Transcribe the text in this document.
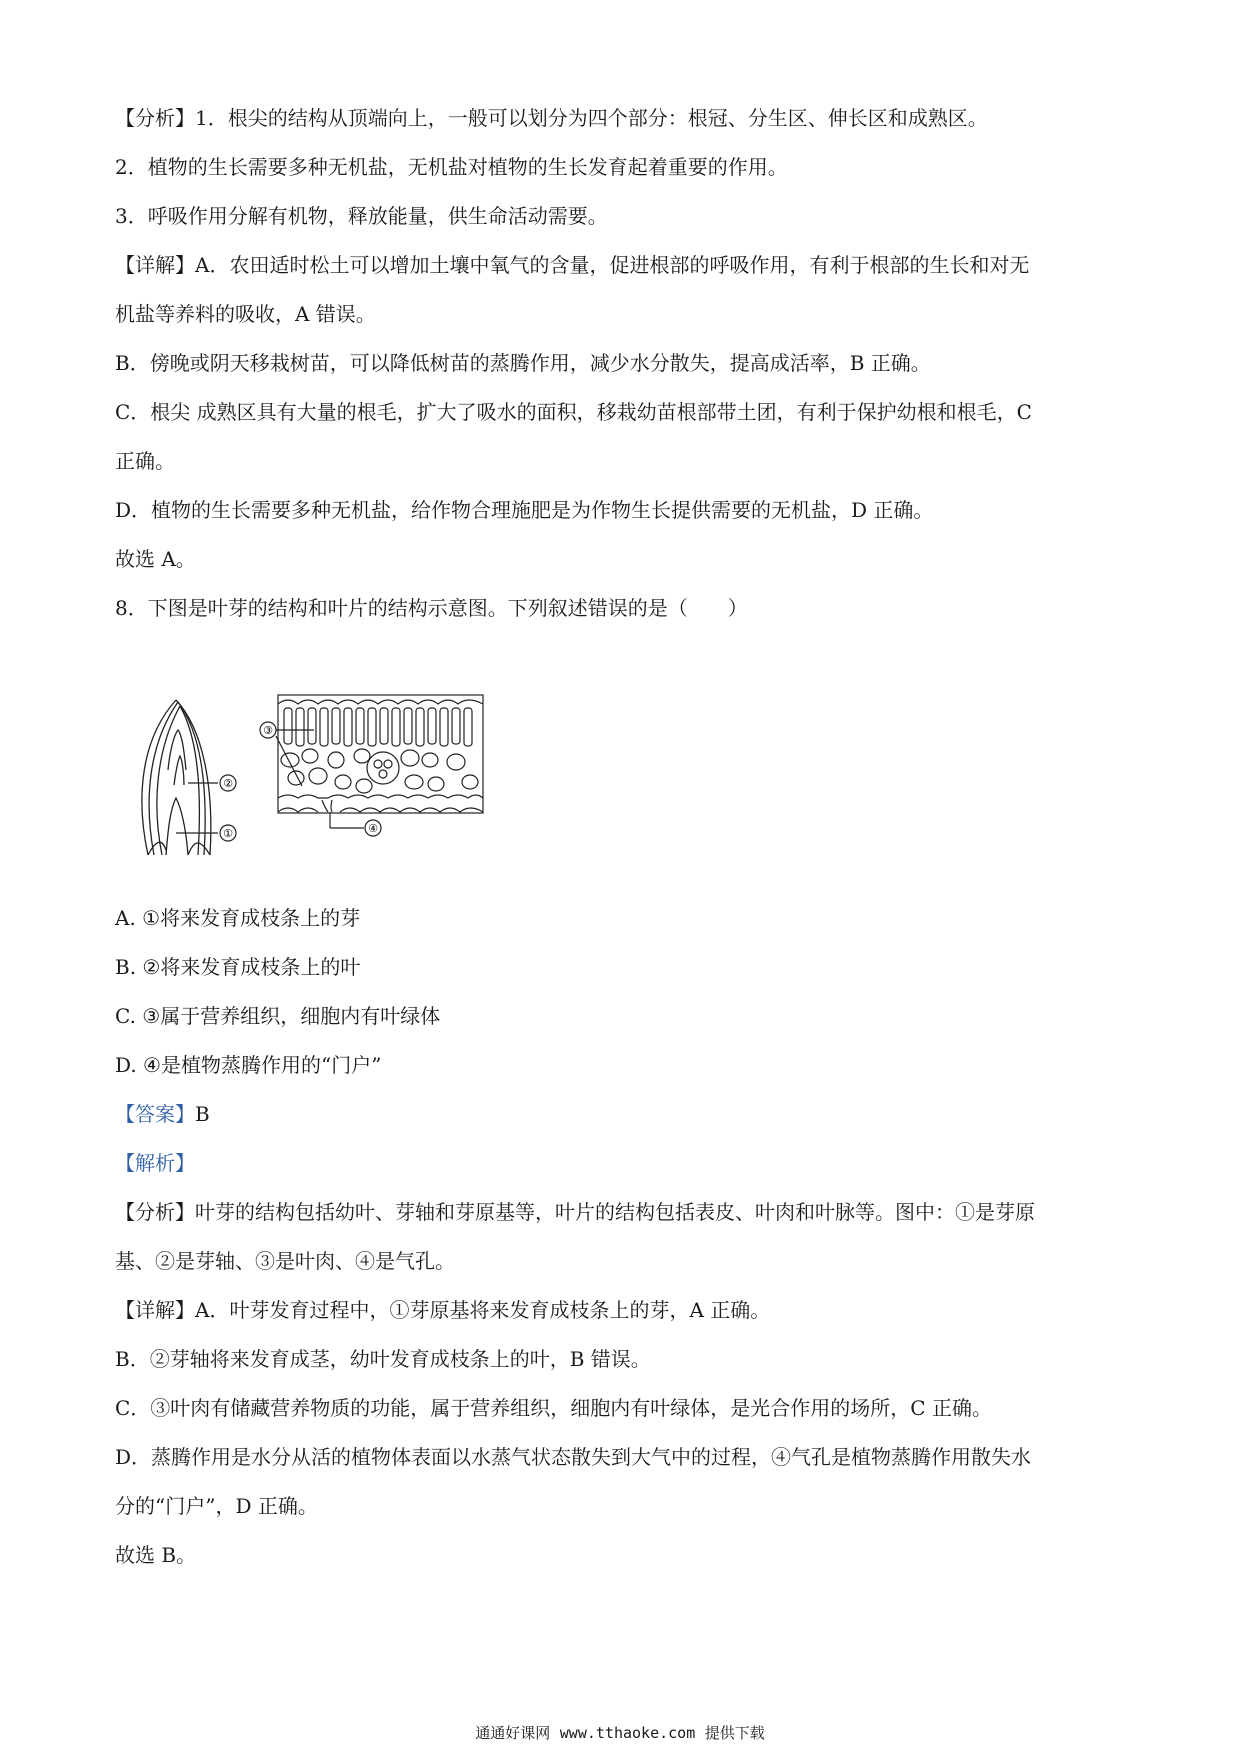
【分析】1．根尖的结构从顶端向上，一般可以划分为四个部分：根冠、分生区、伸长区和成熟区。
2．植物的生长需要多种无机盐，无机盐对植物的生长发育起着重要的作用。
3．呼吸作用分解有机物，释放能量，供生命活动需要。
【详解】A．农田适时松土可以增加土壤中氧气的含量，促进根部的呼吸作用，有利于根部的生长和对无
机盐等养料的吸收，A 错误。
B．傍晚或阴天移栽树苗，可以降低树苗的蒸腾作用，减少水分散失，提高成活率，B 正确。
C．根尖 成熟区具有大量的根毛，扩大了吸水的面积，移栽幼苗根部带土团，有利于保护幼根和根毛，C
正确。
D．植物的生长需要多种无机盐，给作物合理施肥是为作物生长提供需要的无机盐，D 正确。
故选 A。
8．下图是叶芽的结构和叶片的结构示意图。下列叙述错误的是（　　）
②
①
③
④
A. ①将来发育成枝条上的芽
B. ②将来发育成枝条上的叶
C. ③属于营养组织，细胞内有叶绿体
D. ④是植物蒸腾作用的“门户”
【答案】B
【解析】
【分析】叶芽的结构包括幼叶、芽轴和芽原基等，叶片的结构包括表皮、叶肉和叶脉等。图中：①是芽原
基、②是芽轴、③是叶肉、④是气孔。
【详解】A．叶芽发育过程中，①芽原基将来发育成枝条上的芽，A 正确。
B．②芽轴将来发育成茎，幼叶发育成枝条上的叶，B 错误。
C．③叶肉有储藏营养物质的功能，属于营养组织，细胞内有叶绿体，是光合作用的场所，C 正确。
D．蒸腾作用是水分从活的植物体表面以水蒸气状态散失到大气中的过程，④气孔是植物蒸腾作用散失水
分的“门户”，D 正确。
故选 B。
通通好课网 www.tthaoke.com 提供下载
